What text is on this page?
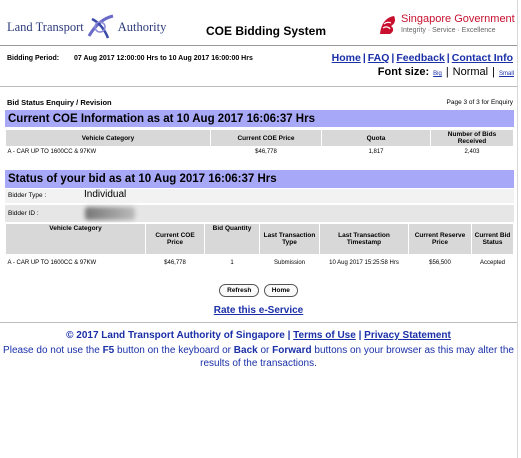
Land Transport	Authority	COE Bidding System
Singapore Government
Integrity · Service · Excellence
Bidding Period: 07 Aug 2017 12:00:00 Hrs to 10 Aug 2017 16:00:00 Hrs	Home | FAQ | Feedback | Contact Info
Font size: Big | Normal | Small
Bid Status Enquiry / Revision	Page 3 of 3 for Enquiry
Current COE Information as at 10 Aug 2017 16:06:37 Hrs
Vehicle Category	Current COE Price	Quota	Number of Bids Received
A - CAR UP TO 1600CC & 97KW	$46,778	1,817	2,403
Status of your bid as at 10 Aug 2017 16:06:37 Hrs
Bidder Type :	Individual
Bidder ID :
Vehicle Category	Current COE Price	Bid Quantity	Last Transaction Type	Last Transaction Timestamp	Current Reserve Price	Current Bid Status
A - CAR UP TO 1600CC & 97KW	$46,778	1	Submission	10 Aug 2017 15:25:58 Hrs	$56,500	Accepted
Refresh	Home
Rate this e-Service
© 2017 Land Transport Authority of Singapore | Terms of Use | Privacy Statement
Please do not use the F5 button on the keyboard or Back or Forward buttons on your browser as this may alter the results of the transactions.
